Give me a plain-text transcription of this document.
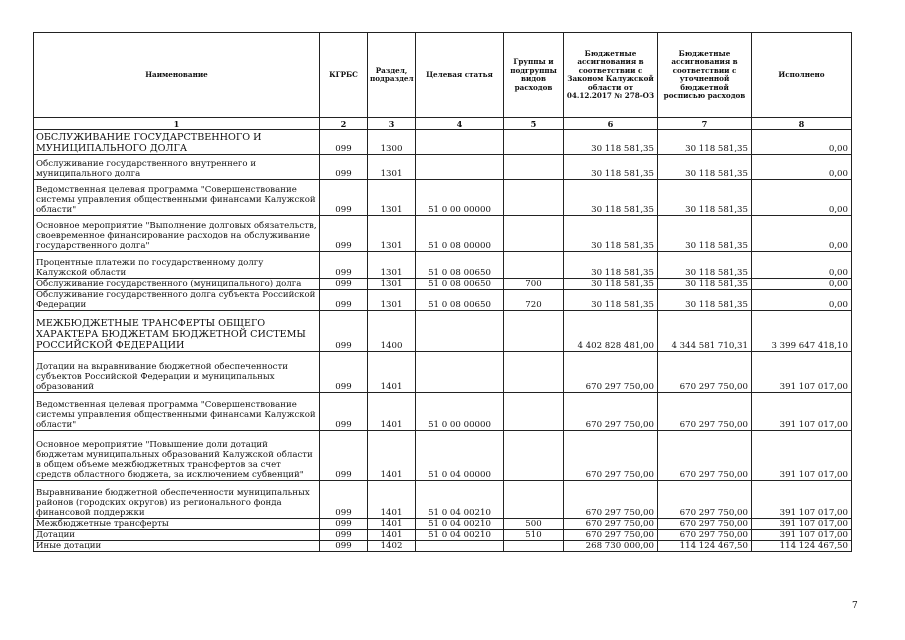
Наименование	КГРБС	Раздел, подраздел	Целевая статья	Группы и подгруппы видов расходов	Бюджетные ассигнования в соответствии с Законом Калужской области от 04.12.2017 № 278-ОЗ	Бюджетные ассигнования в соответствии с уточненной бюджетной росписью расходов	Исполнено
1	2	3	4	5	6	7	8
ОБСЛУЖИВАНИЕ ГОСУДАРСТВЕННОГО И МУНИЦИПАЛЬНОГО ДОЛГА	099	1300			30 118 581,35	30 118 581,35	0,00
Обслуживание государственного внутреннего и муниципального долга	099	1301			30 118 581,35	30 118 581,35	0,00
Ведомственная целевая программа "Совершенствование системы управления общественными финансами Калужской области"	099	1301	51 0 00 00000		30 118 581,35	30 118 581,35	0,00
Основное мероприятие "Выполнение долговых обязательств, своевременное финансирование расходов на обслуживание государственного долга"	099	1301	51 0 08 00000		30 118 581,35	30 118 581,35	0,00
Процентные платежи по государственному долгу Калужской области	099	1301	51 0 08 00650		30 118 581,35	30 118 581,35	0,00
Обслуживание государственного (муниципального) долга	099	1301	51 0 08 00650	700	30 118 581,35	30 118 581,35	0,00
Обслуживание государственного долга субъекта Российской Федерации	099	1301	51 0 08 00650	720	30 118 581,35	30 118 581,35	0,00
МЕЖБЮДЖЕТНЫЕ ТРАНСФЕРТЫ ОБЩЕГО ХАРАКТЕРА БЮДЖЕТАМ БЮДЖЕТНОЙ СИСТЕМЫ РОССИЙСКОЙ ФЕДЕРАЦИИ	099	1400			4 402 828 481,00	4 344 581 710,31	3 399 647 418,10
Дотации на выравнивание бюджетной обеспеченности субъектов Российской Федерации и муниципальных образований	099	1401			670 297 750,00	670 297 750,00	391 107 017,00
Ведомственная целевая программа "Совершенствование системы управления общественными финансами Калужской области"	099	1401	51 0 00 00000		670 297 750,00	670 297 750,00	391 107 017,00
Основное мероприятие "Повышение доли дотаций бюджетам муниципальных образований Калужской области в общем объеме межбюджетных трансфертов за счет средств областного бюджета, за исключением субвенций"	099	1401	51 0 04 00000		670 297 750,00	670 297 750,00	391 107 017,00
Выравнивание бюджетной обеспеченности муниципальных районов (городских округов) из регионального фонда финансовой поддержки	099	1401	51 0 04 00210		670 297 750,00	670 297 750,00	391 107 017,00
Межбюджетные трансферты	099	1401	51 0 04 00210	500	670 297 750,00	670 297 750,00	391 107 017,00
Дотации	099	1401	51 0 04 00210	510	670 297 750,00	670 297 750,00	391 107 017,00
Иные дотации	099	1402			268 730 000,00	114 124 467,50	114 124 467,50
7
